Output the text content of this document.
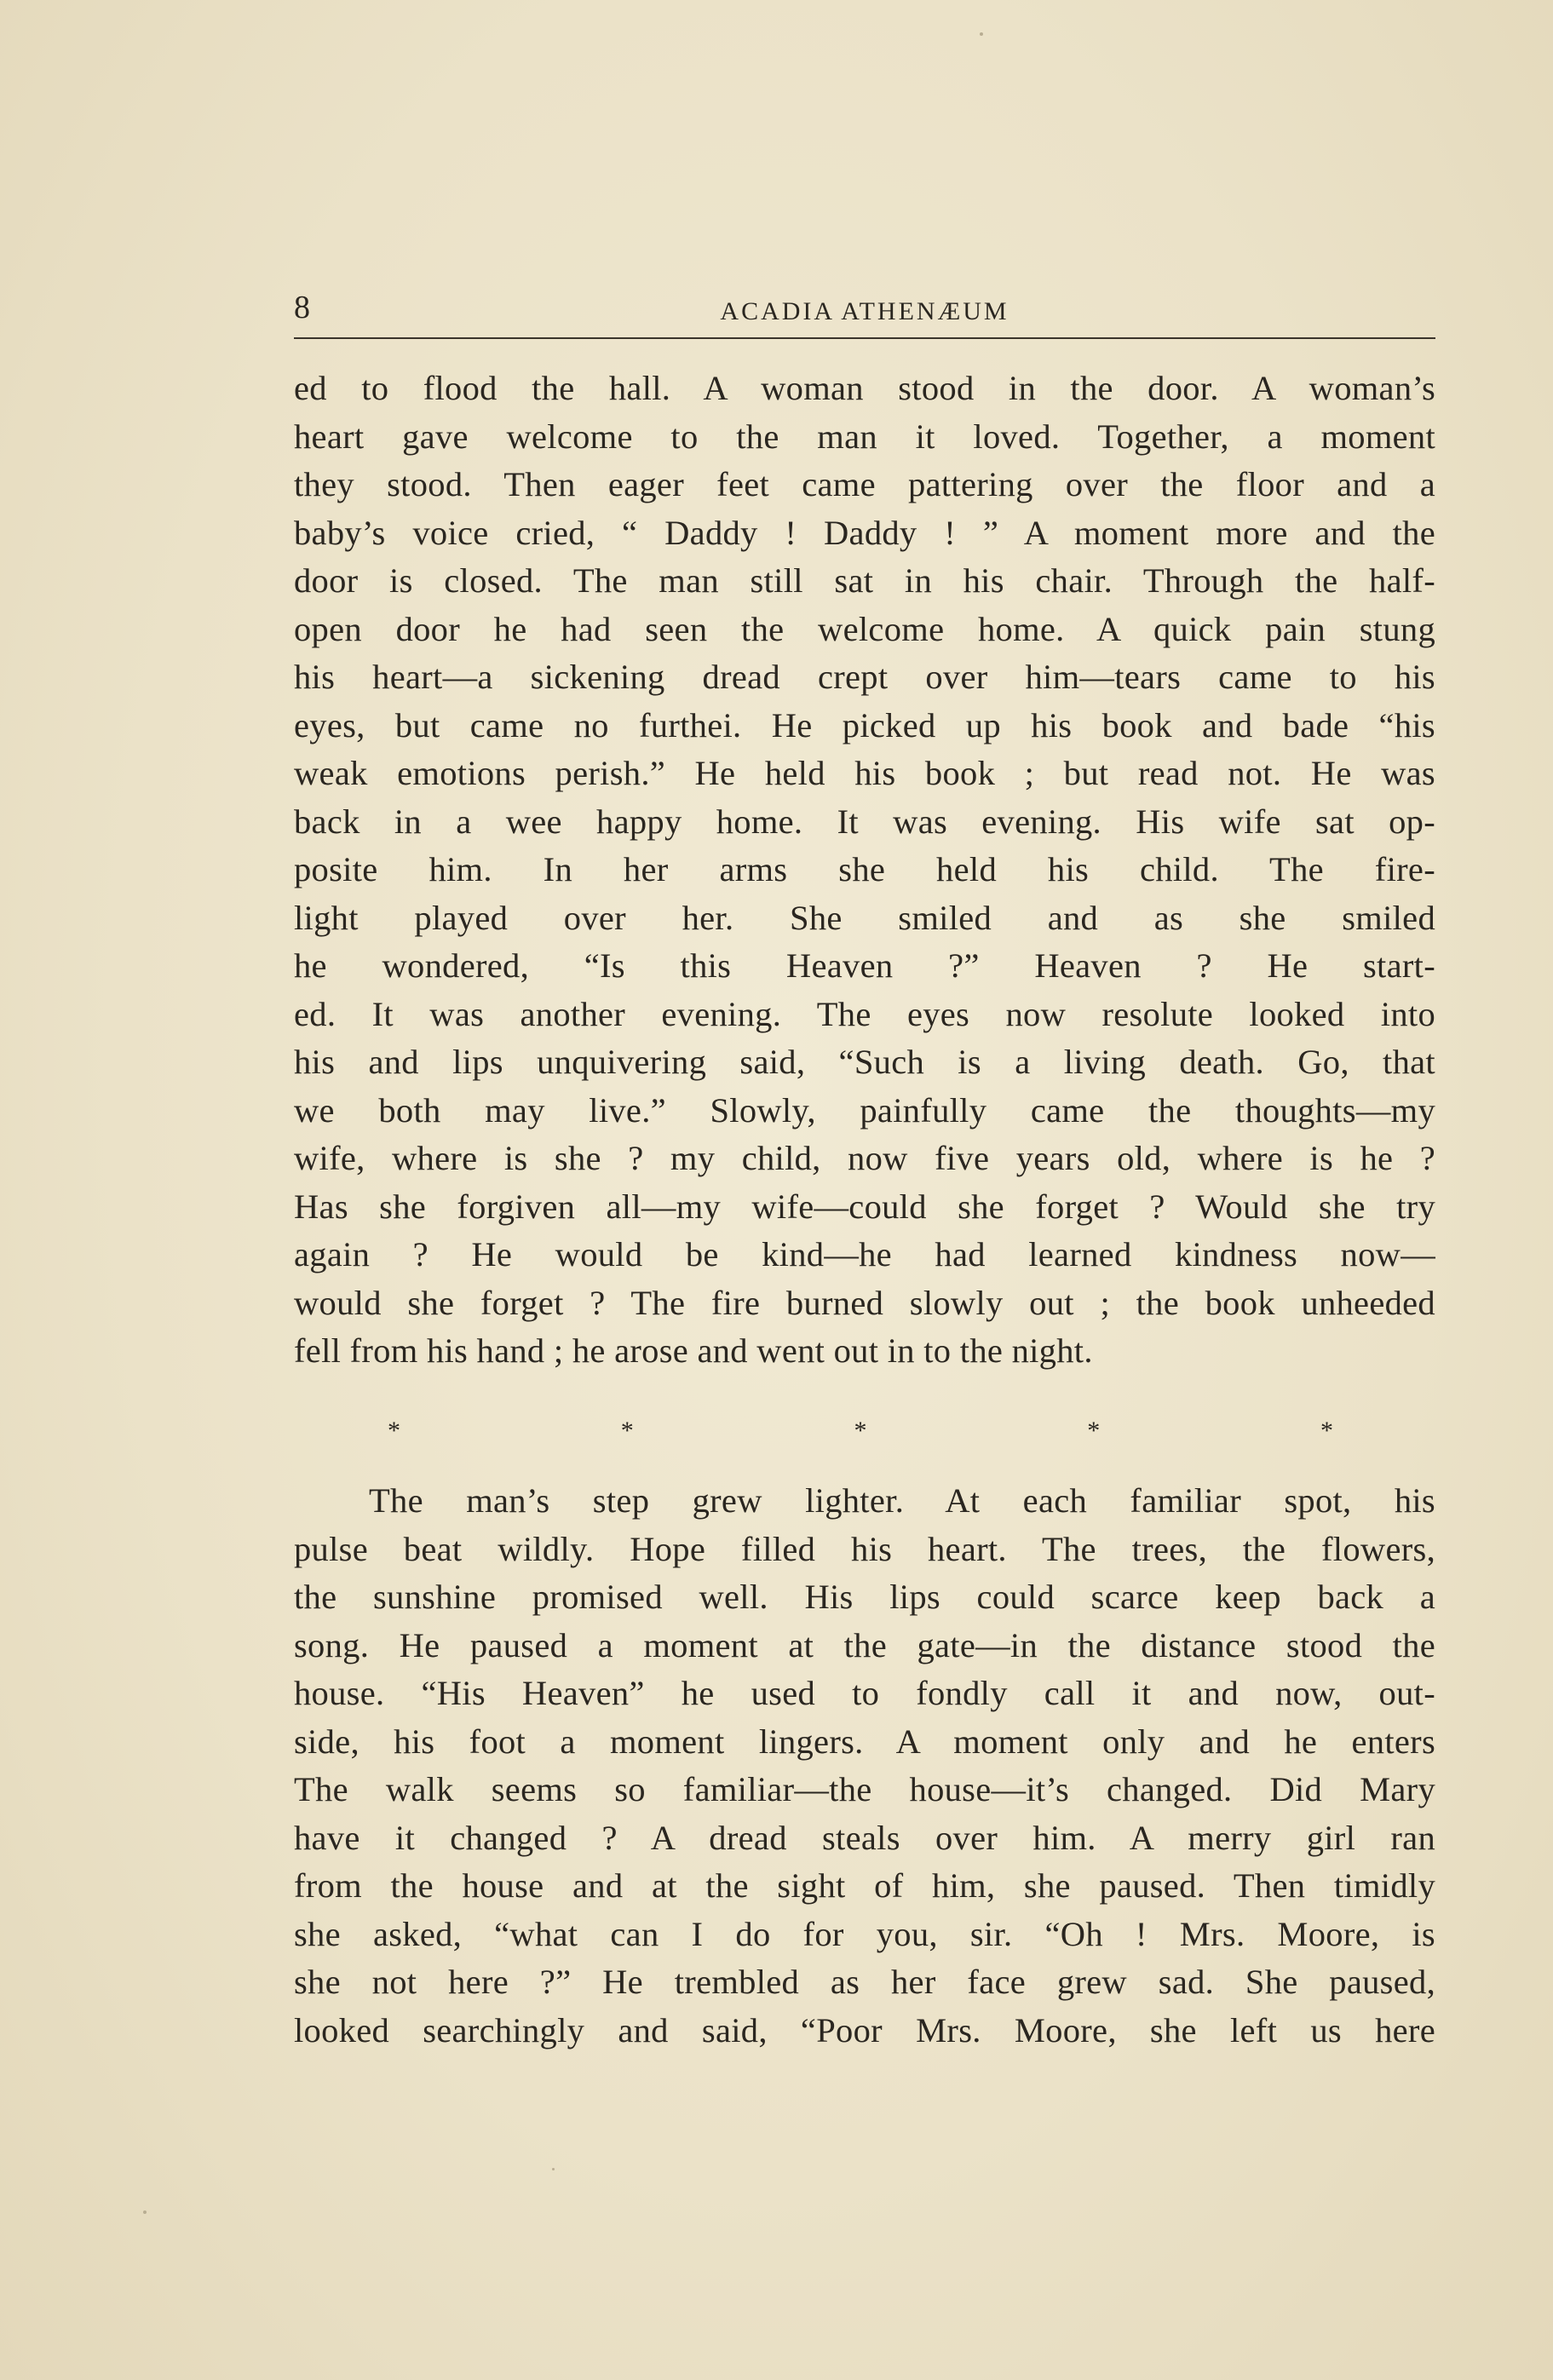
8	ACADIA ATHENÆUM
ed to flood the hall. A woman stood in the door. A woman’s
heart gave welcome to the man it loved. Together, a moment
they stood. Then eager feet came pattering over the floor and a
baby’s voice cried, “ Daddy ! Daddy ! ” A moment more and the
door is closed. The man still sat in his chair. Through the half-
open door he had seen the welcome home. A quick pain stung
his heart—a sickening dread crept over him—tears came to his
eyes, but came no furthei. He picked up his book and bade “his
weak emotions perish.” He held his book ; but read not. He was
back in a wee happy home. It was evening. His wife sat op-
posite him. In her arms she held his child. The fire-
light played over her. She smiled and as she smiled
he wondered, “Is this Heaven ?” Heaven ? He start-
ed. It was another evening. The eyes now resolute looked into
his and lips unquivering said, “Such is a living death. Go, that
we both may live.” Slowly, painfully came the thoughts—my
wife, where is she ? my child, now five years old, where is he ?
Has she forgiven all—my wife—could she forget ? Would she try
again ? He would be kind—he had learned kindness now—
would she forget ? The fire burned slowly out ; the book unheeded
fell from his hand ; he arose and went out in to the night.
*	*	*	*	*
The man’s step grew lighter. At each familiar spot, his
pulse beat wildly. Hope filled his heart. The trees, the flowers,
the sunshine promised well. His lips could scarce keep back a
song. He paused a moment at the gate—in the distance stood the
house. “His Heaven” he used to fondly call it and now, out-
side, his foot a moment lingers. A moment only and he enters
The walk seems so familiar—the house—it’s changed. Did Mary
have it changed ? A dread steals over him. A merry girl ran
from the house and at the sight of him, she paused. Then timidly
she asked, “what can I do for you, sir. “Oh ! Mrs. Moore, is
she not here ?” He trembled as her face grew sad. She paused,
looked searchingly and said, “Poor Mrs. Moore, she left us here
